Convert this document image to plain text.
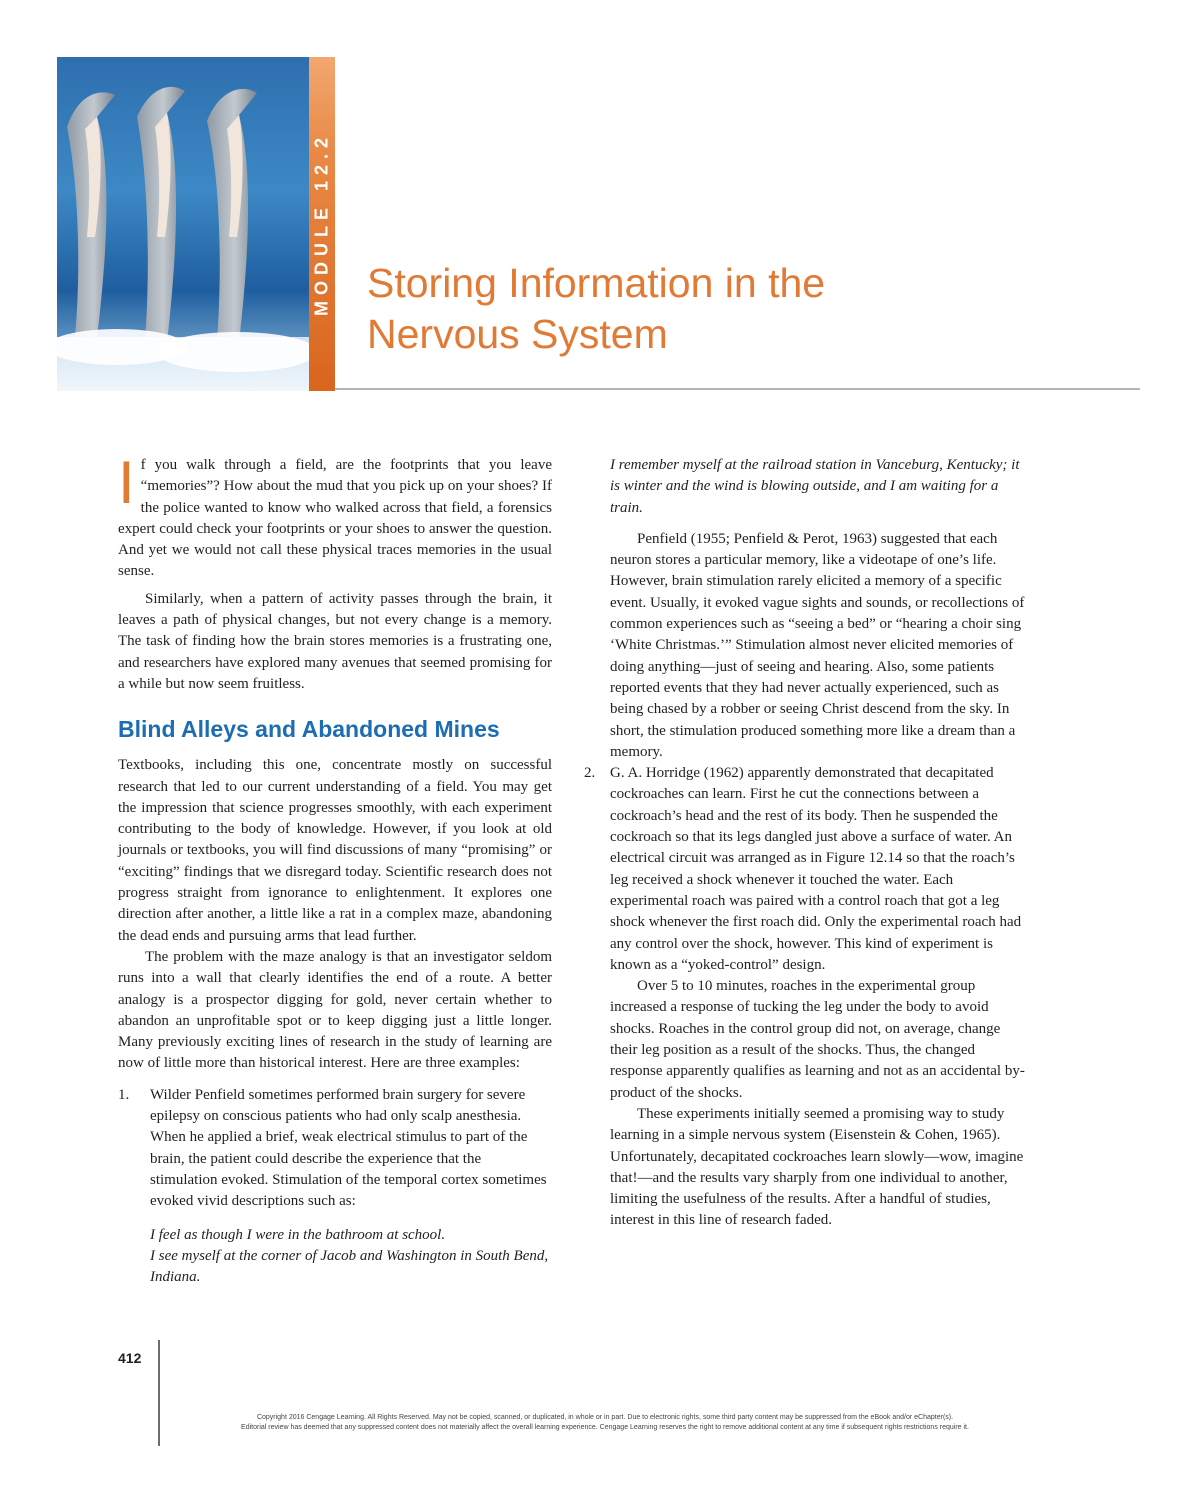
MODULE 12.2 Storing Information in the
Nervous System

If you walk through a field, are the footprints that you leave “memories”? How about the mud that you pick up on your shoes? If the police wanted to know who walked across that field, a forensics expert could check your footprints or your shoes to answer the question. And yet we would not call these physical traces memories in the usual sense.

Similarly, when a pattern of activity passes through the brain, it leaves a path of physical changes, but not every change is a memory. The task of finding how the brain stores memories is a frustrating one, and researchers have explored many avenues that seemed promising for a while but now seem fruitless.

Blind Alleys and Abandoned Mines

Textbooks, including this one, concentrate mostly on successful research that led to our current understanding of a field. You may get the impression that science progresses smoothly, with each experiment contributing to the body of knowledge. However, if you look at old journals or textbooks, you will find discussions of many “promising” or “exciting” findings that we disregard today. Scientific research does not progress straight from ignorance to enlightenment. It explores one direction after another, a little like a rat in a complex maze, abandoning the dead ends and pursuing arms that lead further.

The problem with the maze analogy is that an investigator seldom runs into a wall that clearly identifies the end of a route. A better analogy is a prospector digging for gold, never certain whether to abandon an unprofitable spot or to keep digging just a little longer. Many previously exciting lines of research in the study of learning are now of little more than historical interest. Here are three examples:

1. Wilder Penfield sometimes performed brain surgery for severe epilepsy on conscious patients who had only scalp anesthesia. When he applied a brief, weak electrical stimulus to part of the brain, the patient could describe the experience that the stimulation evoked. Stimulation of the temporal cortex sometimes evoked vivid descriptions such as:

I feel as though I were in the bathroom at school.

I see myself at the corner of Jacob and Washington in South Bend, Indiana.

I remember myself at the railroad station in Vanceburg, Kentucky; it is winter and the wind is blowing outside, and I am waiting for a train.

Penfield (1955; Penfield & Perot, 1963) suggested that each neuron stores a particular memory, like a videotape of one’s life. However, brain stimulation rarely elicited a memory of a specific event. Usually, it evoked vague sights and sounds, or recollections of common experiences such as “seeing a bed” or “hearing a choir sing ‘White Christmas.’” Stimulation almost never elicited memories of doing anything—just of seeing and hearing. Also, some patients reported events that they had never actually experienced, such as being chased by a robber or seeing Christ descend from the sky. In short, the stimulation produced something more like a dream than a memory.

2. G. A. Horridge (1962) apparently demonstrated that decapitated cockroaches can learn. First he cut the connections between a cockroach’s head and the rest of its body. Then he suspended the cockroach so that its legs dangled just above a surface of water. An electrical circuit was arranged as in Figure 12.14 so that the roach’s leg received a shock whenever it touched the water. Each experimental roach was paired with a control roach that got a leg shock whenever the first roach did. Only the experimental roach had any control over the shock, however. This kind of experiment is known as a “yoked-control” design.

Over 5 to 10 minutes, roaches in the experimental group increased a response of tucking the leg under the body to avoid shocks. Roaches in the control group did not, on average, change their leg position as a result of the shocks. Thus, the changed response apparently qualifies as learning and not as an accidental by-product of the shocks.

These experiments initially seemed a promising way to study learning in a simple nervous system (Eisenstein & Cohen, 1965). Unfortunately, decapitated cockroaches learn slowly—wow, imagine that!—and the results vary sharply from one individual to another, limiting the usefulness of the results. After a handful of studies, interest in this line of research faded.

412
Copyright 2016 Cengage Learning. All Rights Reserved. May not be copied, scanned, or duplicated, in whole or in part. Due to electronic rights, some third party content may be suppressed from the eBook and/or eChapter(s).
Editorial review has deemed that any suppressed content does not materially affect the overall learning experience. Cengage Learning reserves the right to remove additional content at any time if subsequent rights restrictions require it.
